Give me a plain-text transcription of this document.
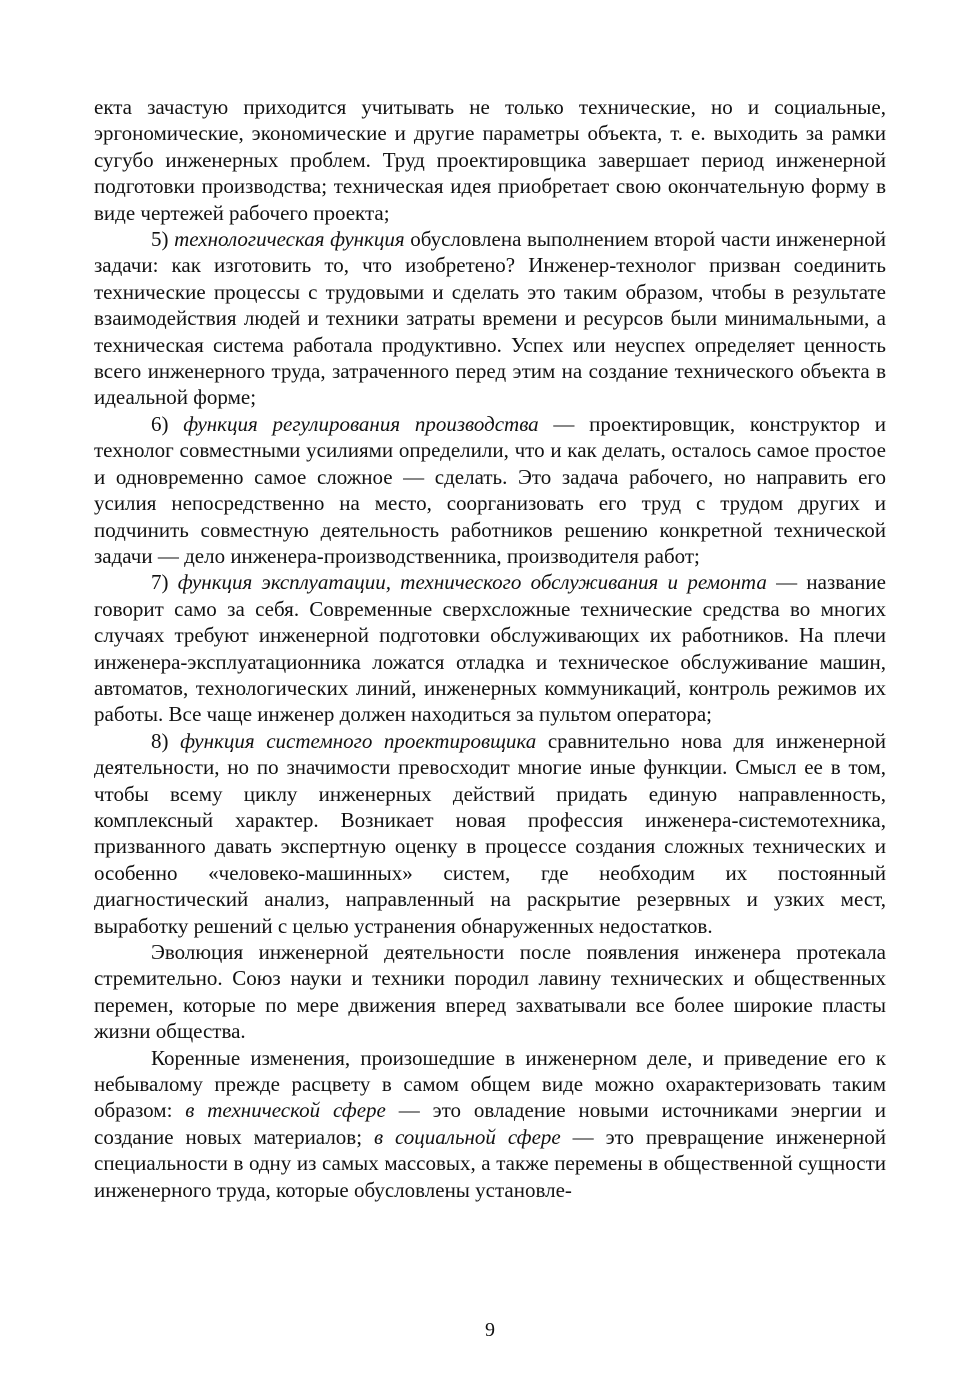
екта зачастую приходится учитывать не только технические, но и социальные, эргономические, экономические и другие параметры объекта, т. е. выходить за рамки сугубо инженерных проблем. Труд проектировщика завершает период инженерной подготовки производства; техническая идея приобретает свою окончательную форму в виде чертежей рабочего проекта;

5) технологическая функция обусловлена выполнением второй части инженерной задачи: как изготовить то, что изобретено? Инженер-технолог призван соединить технические процессы с трудовыми и сделать это таким образом, чтобы в результате взаимодействия людей и техники затраты времени и ресурсов были минимальными, а техническая система работала продуктивно. Успех или неуспех определяет ценность всего инженерного труда, затраченного перед этим на создание технического объекта в идеальной форме;

6) функция регулирования производства — проектировщик, конструктор и технолог совместными усилиями определили, что и как делать, осталось самое простое и одновременно самое сложное — сделать. Это задача рабочего, но направить его усилия непосредственно на место, соорганизовать его труд с трудом других и подчинить совместную деятельность работников решению конкретной технической задачи — дело инженера-производственника, производителя работ;

7) функция эксплуатации, технического обслуживания и ремонта — название говорит само за себя. Современные сверхсложные технические средства во многих случаях требуют инженерной подготовки обслуживающих их работников. На плечи инженера-эксплуатационника ложатся отладка и техническое обслуживание машин, автоматов, технологических линий, инженерных коммуникаций, контроль режимов их работы. Все чаще инженер должен находиться за пультом оператора;

8) функция системного проектировщика сравнительно нова для инженерной деятельности, но по значимости превосходит многие иные функции. Смысл ее в том, чтобы всему циклу инженерных действий придать единую направленность, комплексный характер. Возникает новая профессия инженера-системотехника, призванного давать экспертную оценку в процессе создания сложных технических и особенно «человеко-машинных» систем, где необходим их постоянный диагностический анализ, направленный на раскрытие резервных и узких мест, выработку решений с целью устранения обнаруженных недостатков.

Эволюция инженерной деятельности после появления инженера протекала стремительно. Союз науки и техники породил лавину технических и общественных перемен, которые по мере движения вперед захватывали все более широкие пласты жизни общества.

Коренные изменения, произошедшие в инженерном деле, и приведение его к небывалому прежде расцвету в самом общем виде можно охарактеризовать таким образом: в технической сфере — это овладение новыми источниками энергии и создание новых материалов; в социальной сфере — это превращение инженерной специальности в одну из самых массовых, а также перемены в общественной сущности инженерного труда, которые обусловлены установле-

9
